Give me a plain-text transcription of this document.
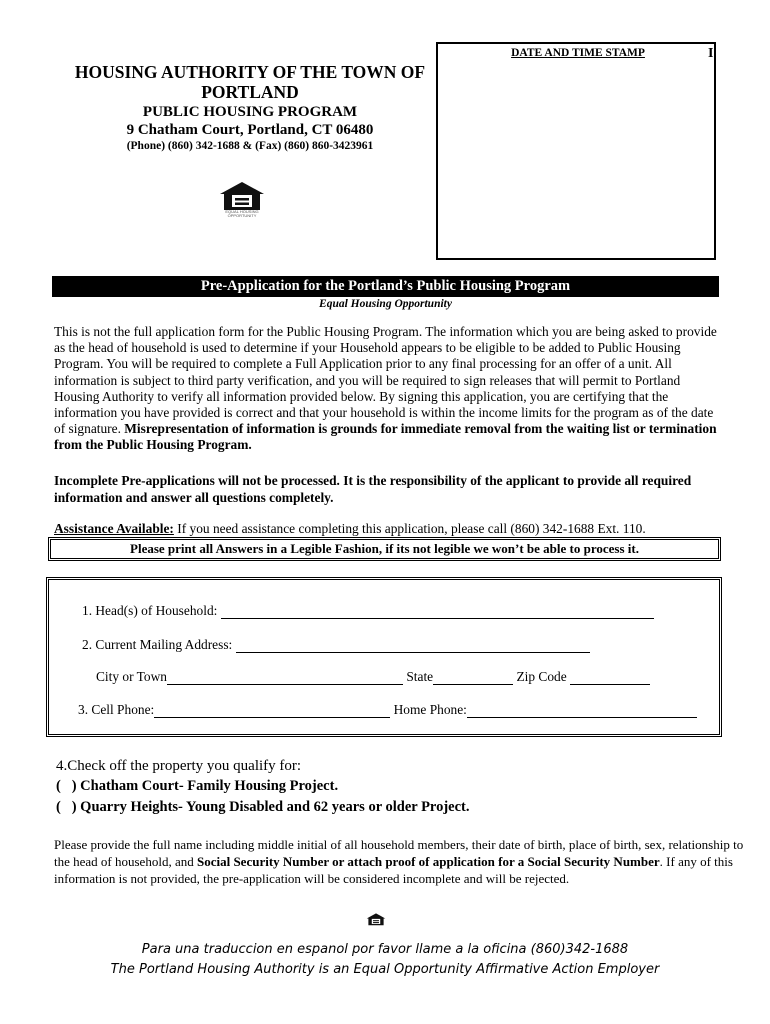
HOUSING AUTHORITY OF THE TOWN OF
PORTLAND
PUBLIC HOUSING PROGRAM
9 Chatham Court, Portland, CT 06480
(Phone) (860) 342-1688 & (Fax) (860) 860-3423961
EQUAL HOUSING OPPORTUNITY
DATE AND TIME STAMP	I
Pre-Application for the Portland’s Public Housing Program
Equal Housing Opportunity
This is not the full application form for the Public Housing Program. The information which you are being asked to provide as the head of household is used to determine if your Household appears to be eligible to be added to Public Housing Program. You will be required to complete a Full Application prior to any final processing for an offer of a unit. All information is subject to third party verification, and you will be required to sign releases that will permit to Portland Housing Authority to verify all information provided below. By signing this application, you are certifying that the information you have provided is correct and that your household is within the income limits for the program as of the date of signature. Misrepresentation of information is grounds for immediate removal from the waiting list or termination from the Public Housing Program.
Incomplete Pre-applications will not be processed. It is the responsibility of the applicant to provide all required information and answer all questions completely.
Assistance Available: If you need assistance completing this application, please call (860) 342-1688 Ext. 110.
Please print all Answers in a Legible Fashion, if its not legible we won’t be able to process it.
1. Head(s) of Household:
2. Current Mailing Address:
City or Town	State	Zip Code
3. Cell Phone:	Home Phone:
4.Check off the property you qualify for:
(   ) Chatham Court- Family Housing Project.
(   ) Quarry Heights- Young Disabled and 62 years or older Project.
Please provide the full name including middle initial of all household members, their date of birth, place of birth, sex, relationship to the head of household, and Social Security Number or attach proof of application for a Social Security Number. If any of this information is not provided, the pre-application will be considered incomplete and will be rejected.
Para una traduccion en espanol por favor llame a la oficina (860)342-1688
The Portland Housing Authority is an Equal Opportunity Affirmative Action Employer
